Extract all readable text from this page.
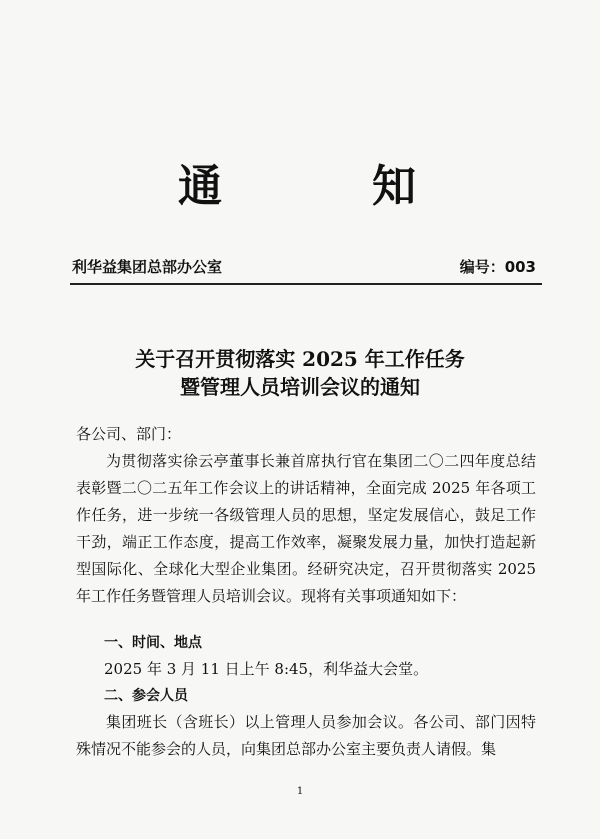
通	知
利华益集团总部办公室	编号：003
关于召开贯彻落实 2025 年工作任务
暨管理人员培训会议的通知
各公司、部门：
为贯彻落实徐云亭董事长兼首席执行官在集团二〇二四年度总结表彰暨二〇二五年工作会议上的讲话精神，全面完成 2025 年各项工作任务，进一步统一各级管理人员的思想，坚定发展信心，鼓足工作干劲，端正工作态度，提高工作效率，凝聚发展力量，加快打造起新型国际化、全球化大型企业集团。经研究决定，召开贯彻落实 2025 年工作任务暨管理人员培训会议。现将有关事项通知如下：
一、时间、地点
2025 年 3 月 11 日上午 8:45，利华益大会堂。
二、参会人员
集团班长（含班长）以上管理人员参加会议。各公司、部门因特殊情况不能参会的人员，向集团总部办公室主要负责人请假。集
1
